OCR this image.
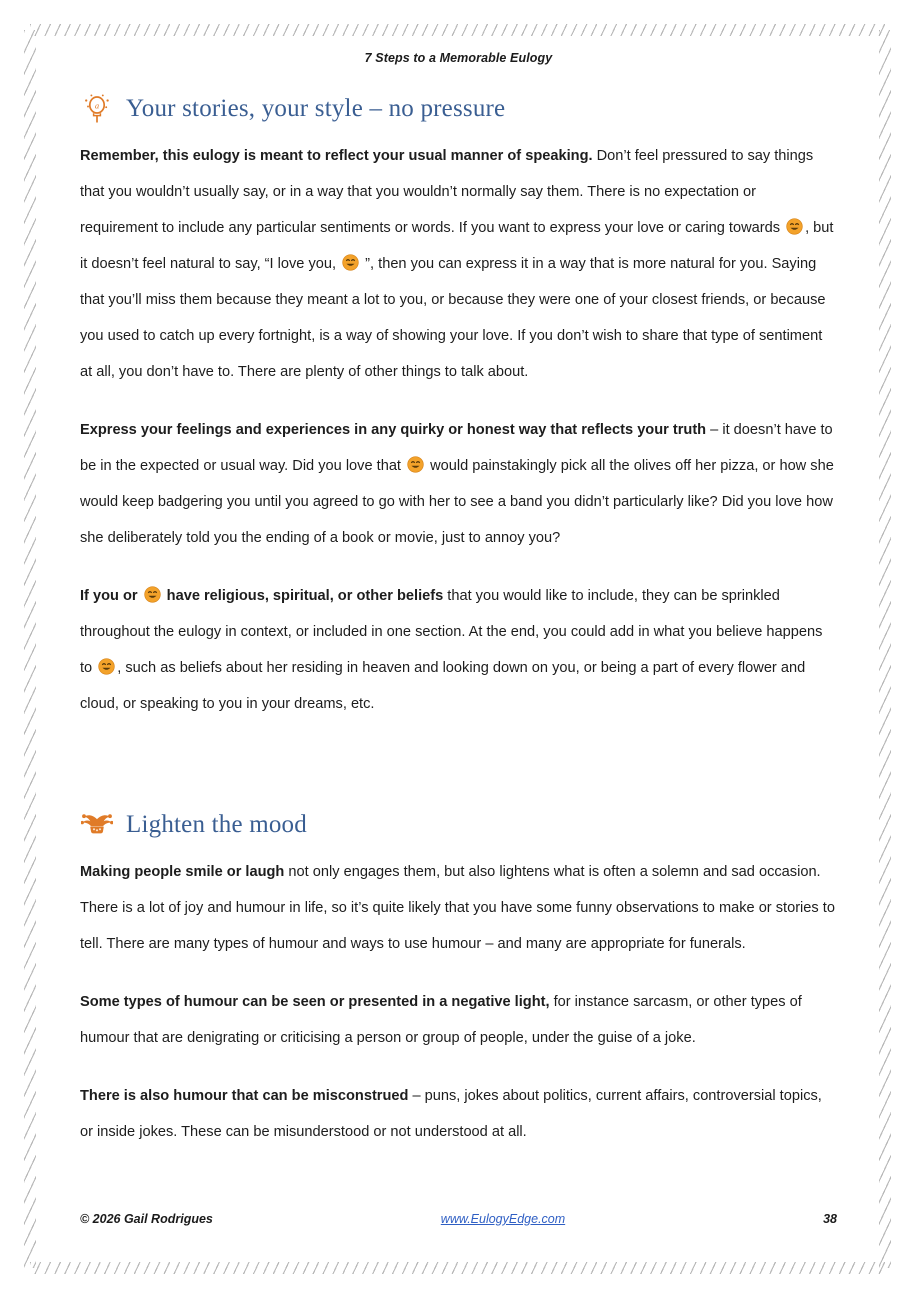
7 Steps to a Memorable Eulogy
a Your stories, your style – no pressure

Remember, this eulogy is meant to reflect your usual manner of speaking. Don’t feel pressured to say things that you wouldn’t usually say, or in a way that you wouldn’t normally say them. There is no expectation or requirement to include any particular sentiments or words. If you want to express your love or caring towards , but it doesn’t feel natural to say, “I love you,  ”, then you can express it in a way that is more natural for you. Saying that you’ll miss them because they meant a lot to you, or because they were one of your closest friends, or because you used to catch up every fortnight, is a way of showing your love. If you don’t wish to share that type of sentiment at all, you don’t have to. There are plenty of other things to talk about.

Express your feelings and experiences in any quirky or honest way that reflects your truth – it doesn’t have to be in the expected or usual way. Did you love that  would painstakingly pick all the olives off her pizza, or how she would keep badgering you until you agreed to go with her to see a band you didn’t particularly like? Did you love how she deliberately told you the ending of a book or movie, just to annoy you?

If you or  have religious, spiritual, or other beliefs that you would like to include, they can be sprinkled throughout the eulogy in context, or included in one section. At the end, you could add in what you believe happens to , such as beliefs about her residing in heaven and looking down on you, or being a part of every flower and cloud, or speaking to you in your dreams, etc.

Lighten the mood

Making people smile or laugh not only engages them, but also lightens what is often a solemn and sad occasion. There is a lot of joy and humour in life, so it’s quite likely that you have some funny observations to make or stories to tell. There are many types of humour and ways to use humour – and many are appropriate for funerals.

Some types of humour can be seen or presented in a negative light, for instance sarcasm, or other types of humour that are denigrating or criticising a person or group of people, under the guise of a joke.

There is also humour that can be misconstrued – puns, jokes about politics, current affairs, controversial topics, or inside jokes. These can be misunderstood or not understood at all.

© 2026 Gail Rodrigues	www.EulogyEdge.com	38
